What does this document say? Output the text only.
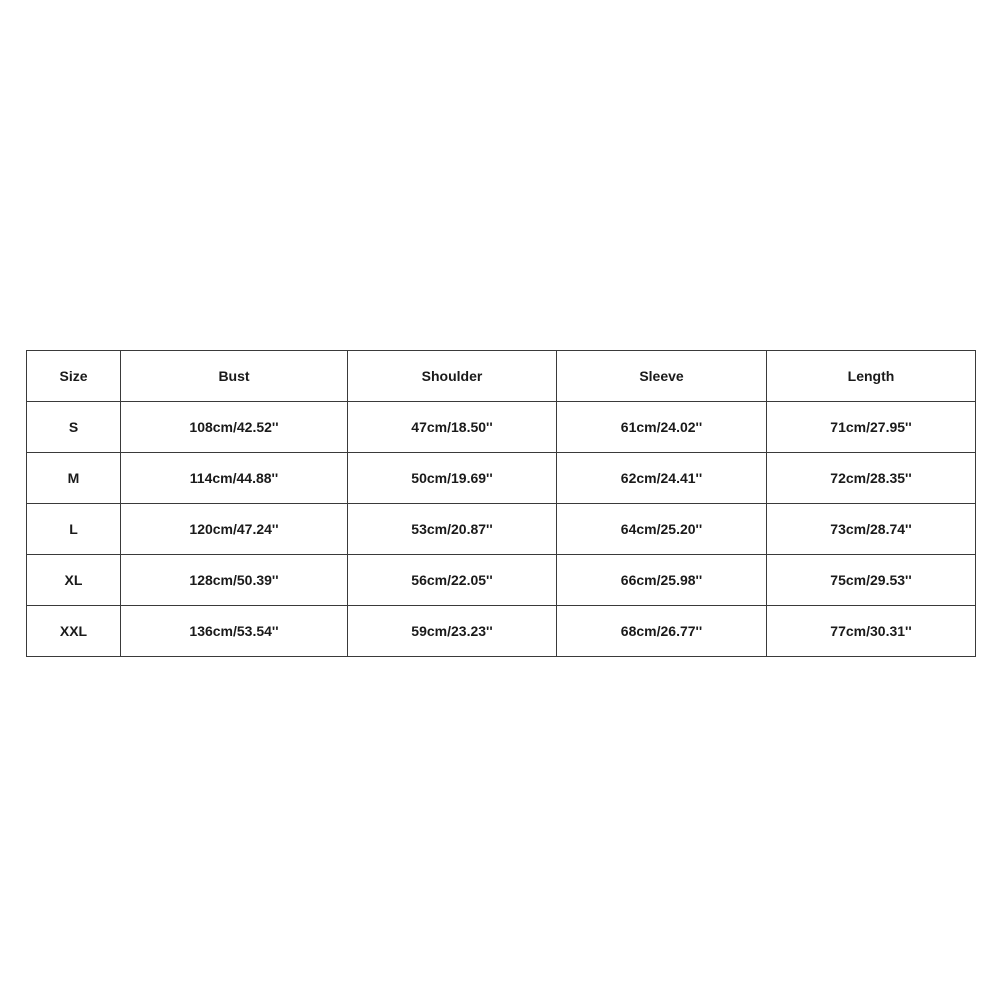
Size	Bust	Shoulder	Sleeve	Length
S	108cm/42.52''	47cm/18.50''	61cm/24.02''	71cm/27.95''
M	114cm/44.88''	50cm/19.69''	62cm/24.41''	72cm/28.35''
L	120cm/47.24''	53cm/20.87''	64cm/25.20''	73cm/28.74''
XL	128cm/50.39''	56cm/22.05''	66cm/25.98''	75cm/29.53''
XXL	136cm/53.54''	59cm/23.23''	68cm/26.77''	77cm/30.31''
